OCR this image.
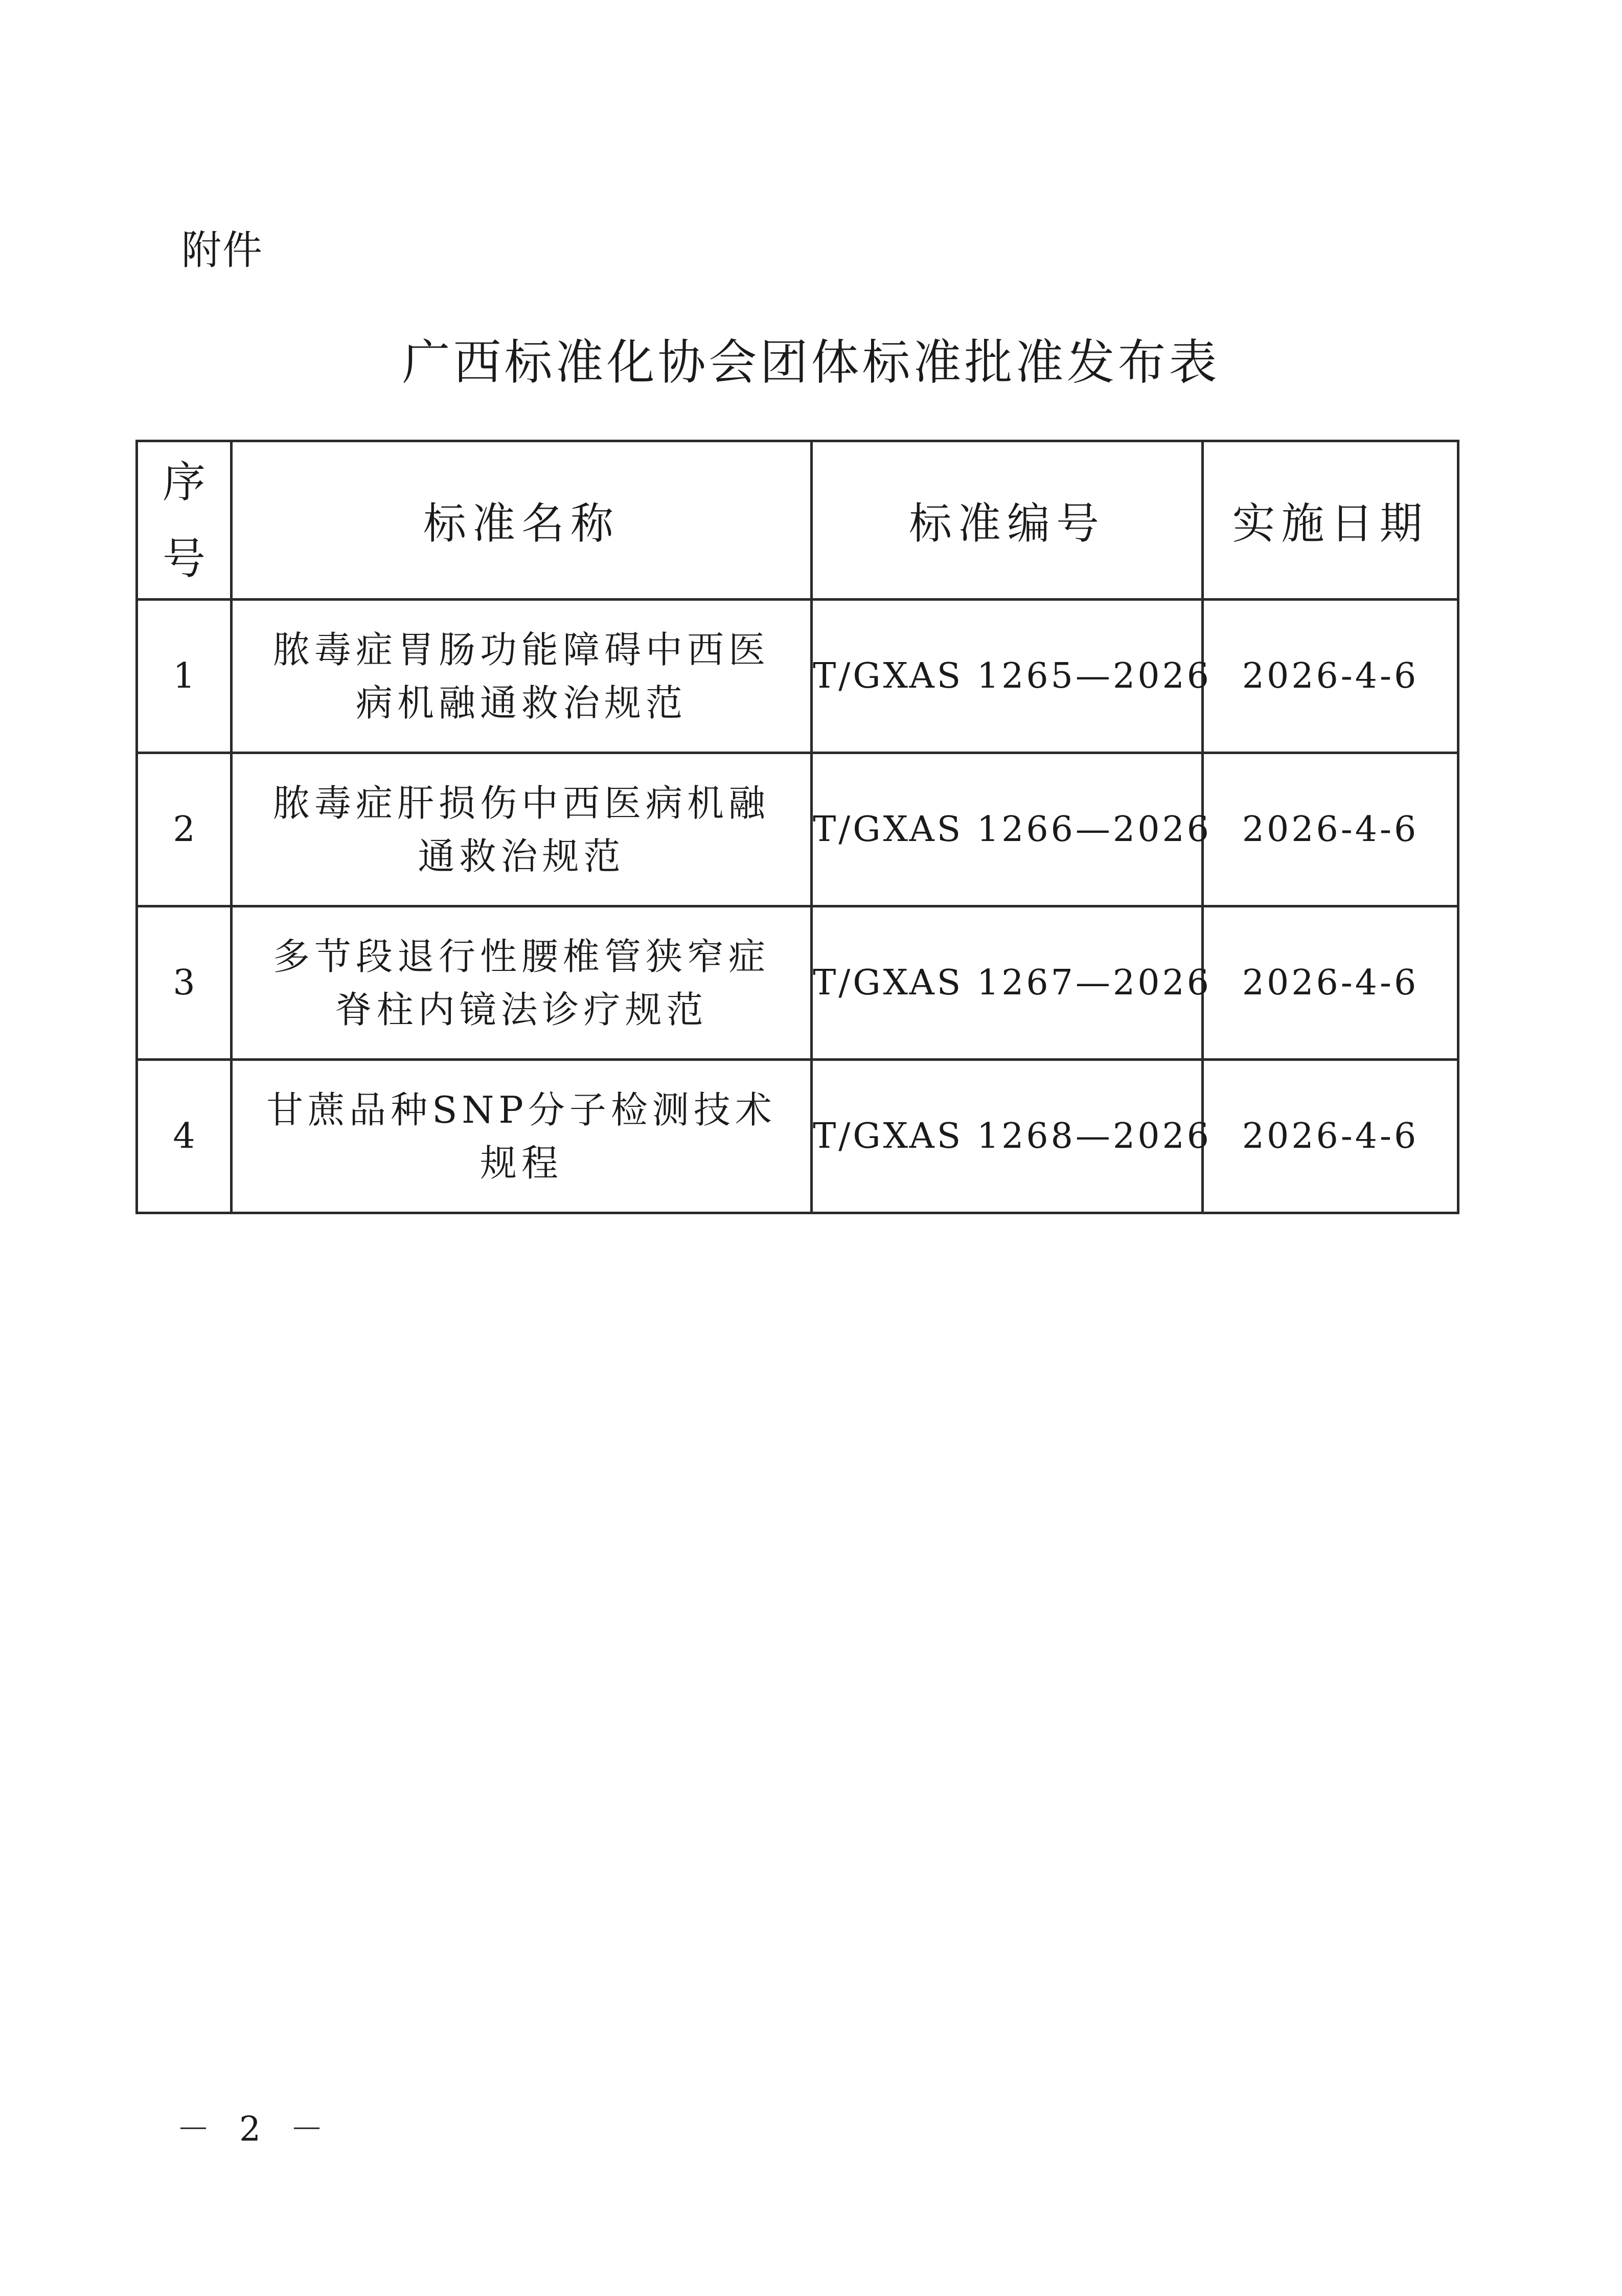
附件
广西标准化协会团体标准批准发布表
序号	标准名称	标准编号	实施日期
1	脓毒症胃肠功能障碍中西医病机融通救治规范	T/GXAS 1265—2026	2026-4-6
2	脓毒症肝损伤中西医病机融通救治规范	T/GXAS 1266—2026	2026-4-6
3	多节段退行性腰椎管狭窄症脊柱内镜法诊疗规范	T/GXAS 1267—2026	2026-4-6
4	甘蔗品种SNP分子检测技术规程	T/GXAS 1268—2026	2026-4-6
－ 2 －
